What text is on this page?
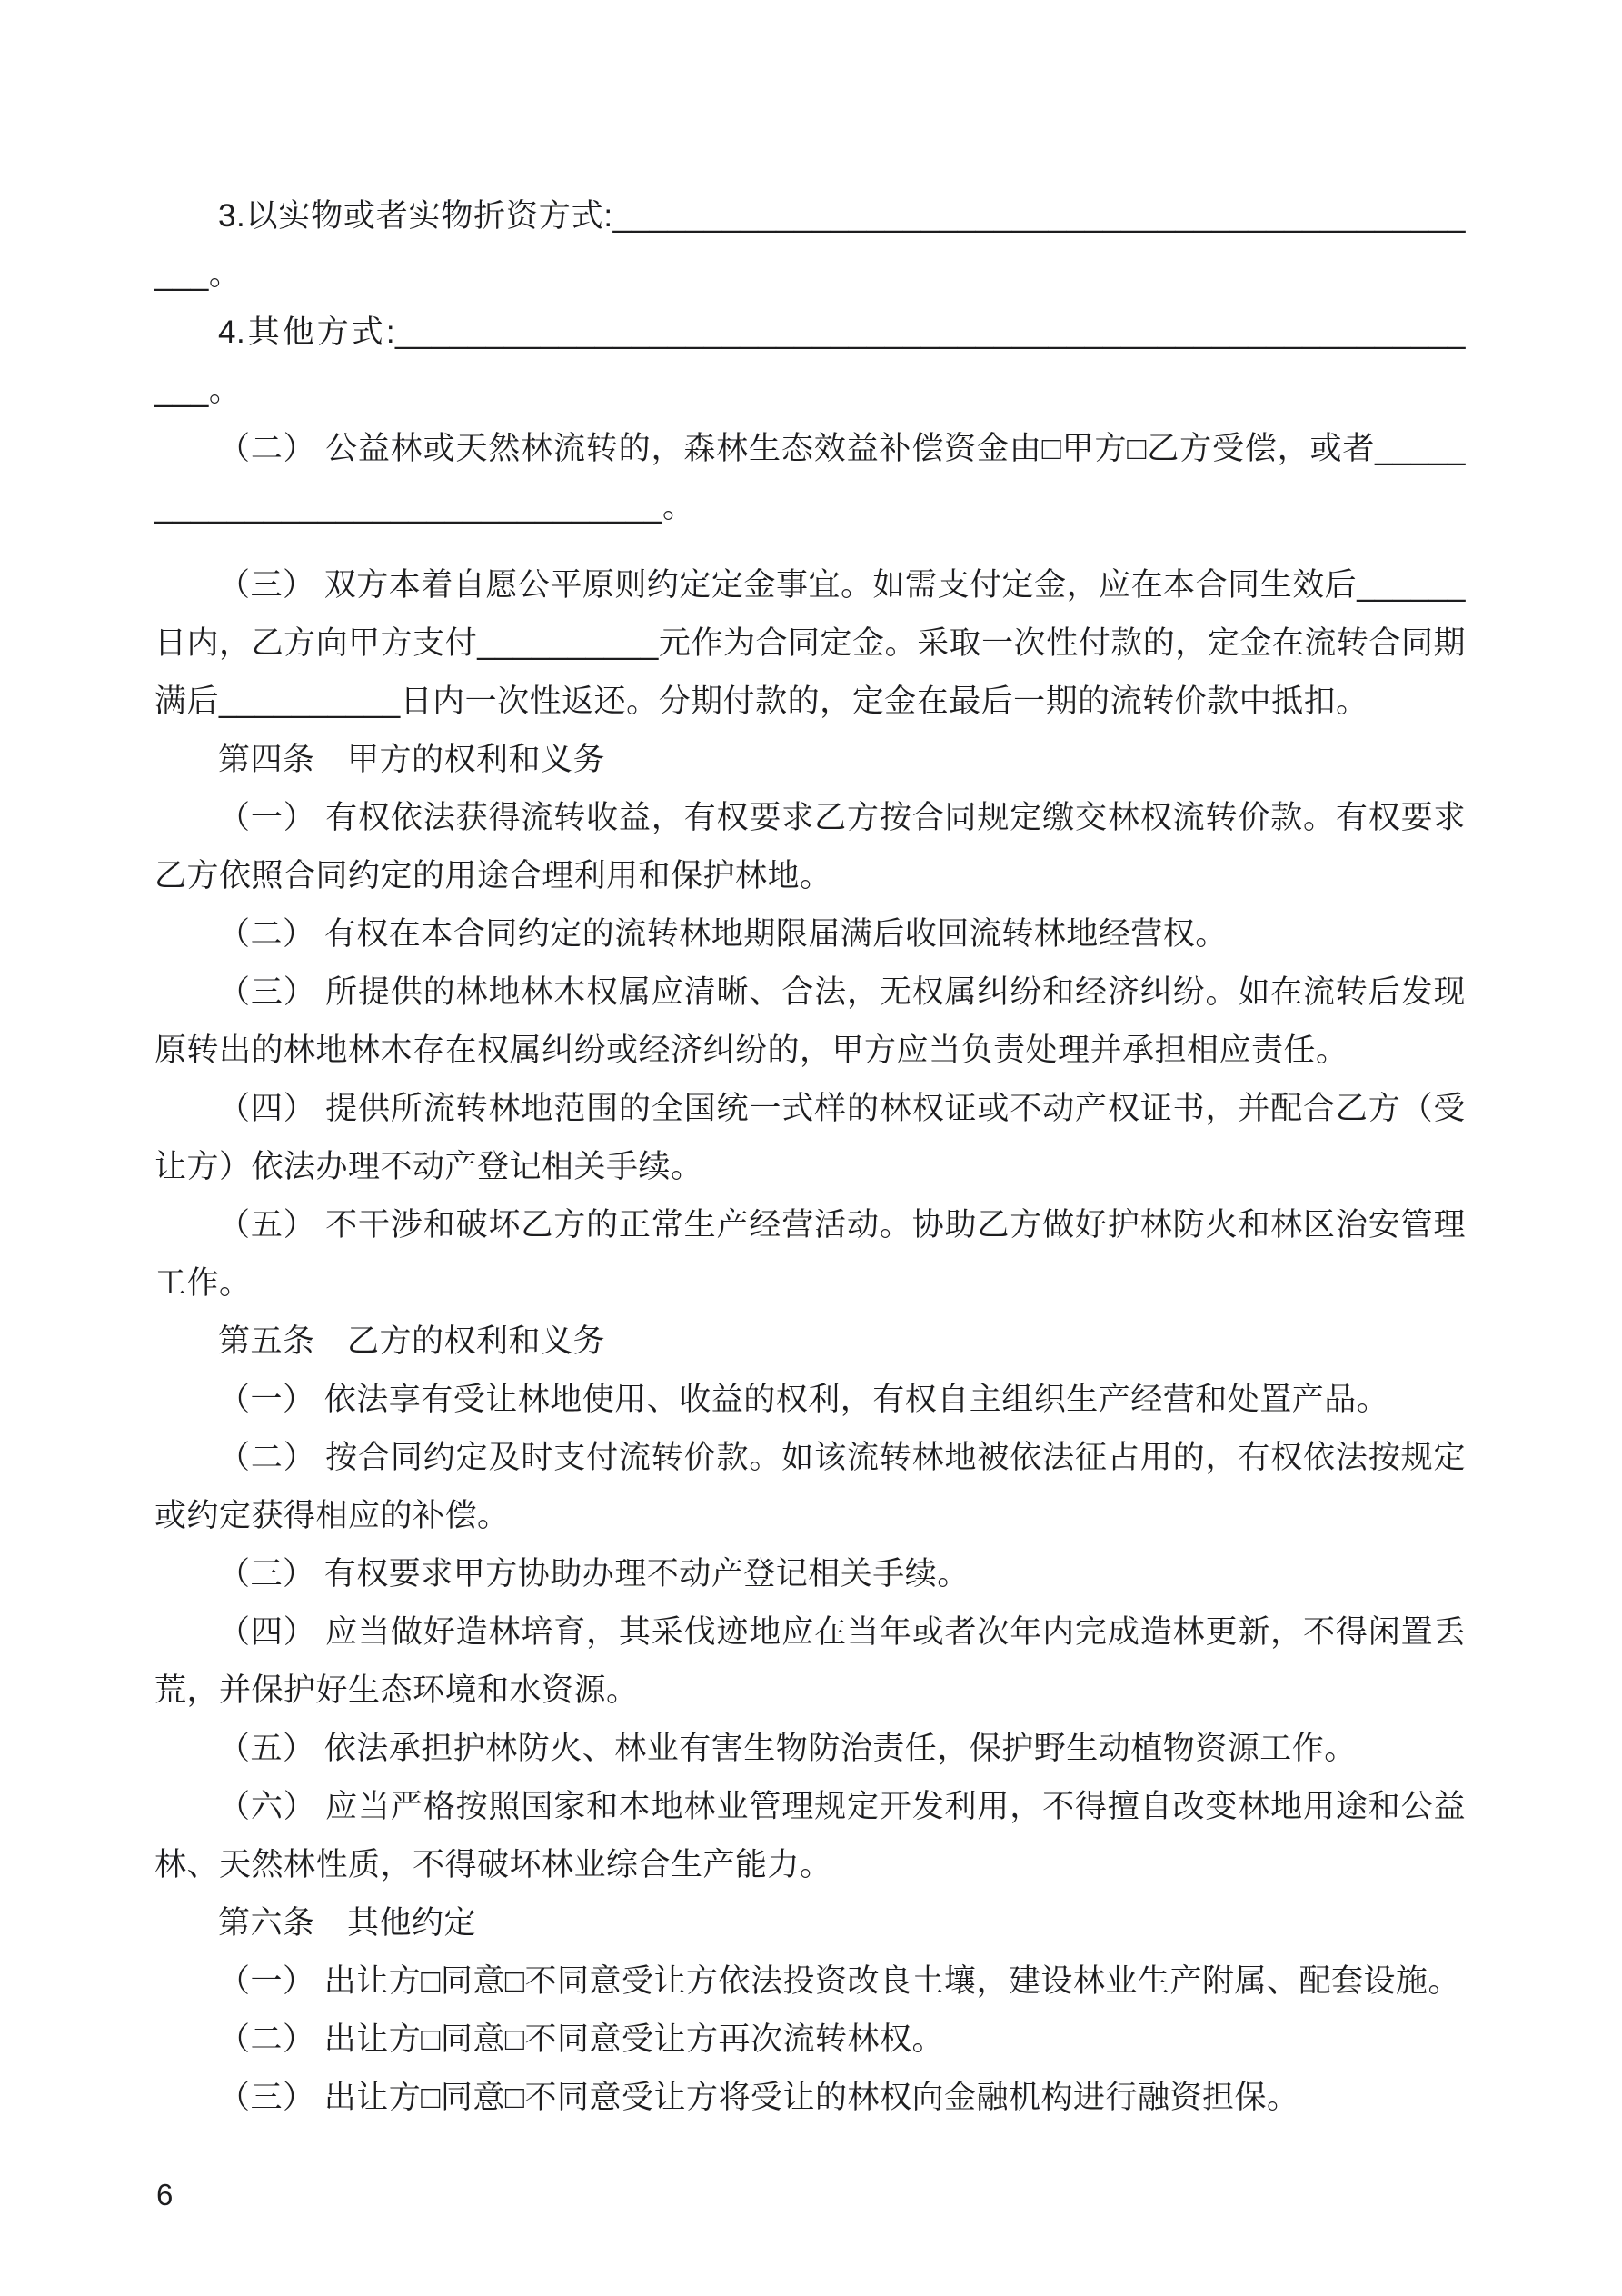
3.以实物或者实物折资方式:__________________________________________________。

4.其他方式:______________________________________________________________。

（二） 公益林或天然林流转的，森林生态效益补偿资金由□甲方□乙方受偿，或者_________________________________。

（三） 双方本着自愿公平原则约定定金事宜。如需支付定金，应在本合同生效后______日内，乙方向甲方支付__________元作为合同定金。采取一次性付款的，定金在流转合同期满后__________日内一次性返还。分期付款的，定金在最后一期的流转价款中抵扣。

第四条　甲方的权利和义务

（一） 有权依法获得流转收益，有权要求乙方按合同规定缴交林权流转价款。有权要求乙方依照合同约定的用途合理利用和保护林地。

（二） 有权在本合同约定的流转林地期限届满后收回流转林地经营权。

（三） 所提供的林地林木权属应清晰、合法，无权属纠纷和经济纠纷。如在流转后发现原转出的林地林木存在权属纠纷或经济纠纷的，甲方应当负责处理并承担相应责任。

（四） 提供所流转林地范围的全国统一式样的林权证或不动产权证书，并配合乙方（受让方）依法办理不动产登记相关手续。

（五） 不干涉和破坏乙方的正常生产经营活动。协助乙方做好护林防火和林区治安管理工作。

第五条　乙方的权利和义务

（一） 依法享有受让林地使用、收益的权利，有权自主组织生产经营和处置产品。

（二） 按合同约定及时支付流转价款。如该流转林地被依法征占用的，有权依法按规定或约定获得相应的补偿。

（三） 有权要求甲方协助办理不动产登记相关手续。

（四） 应当做好造林培育，其采伐迹地应在当年或者次年内完成造林更新，不得闲置丢荒，并保护好生态环境和水资源。

（五） 依法承担护林防火、林业有害生物防治责任，保护野生动植物资源工作。

（六） 应当严格按照国家和本地林业管理规定开发利用，不得擅自改变林地用途和公益林、天然林性质，不得破坏林业综合生产能力。

第六条　其他约定

（一） 出让方□同意□不同意受让方依法投资改良土壤，建设林业生产附属、配套设施。

（二） 出让方□同意□不同意受让方再次流转林权。

（三） 出让方□同意□不同意受让方将受让的林权向金融机构进行融资担保。

6
